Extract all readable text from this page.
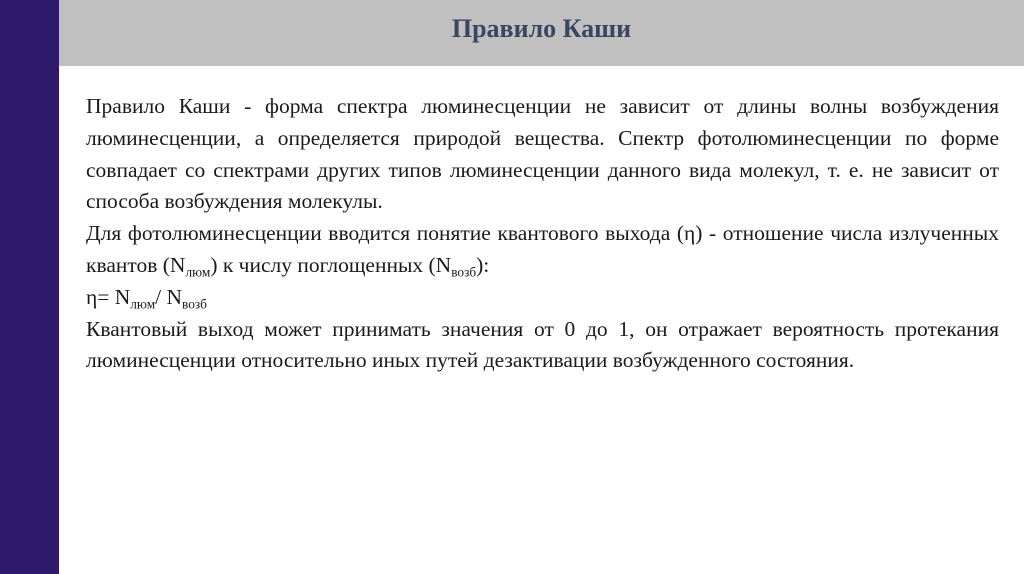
Правило Каши

Правило Каши - форма спектра люминесценции не зависит от длины волны возбуждения люминесценции, а определяется природой вещества. Спектр фотолюминесценции по форме совпадает со спектрами других типов люминесценции данного вида молекул, т. е. не зависит от способа возбуждения молекулы.

Для фотолюминесценции вводится понятие квантового выхода (η) - отношение числа излученных квантов $(N_{люм})$ к числу поглощенных $(N_{возб})$:

$\eta= N_{люм}/$ $N_{возб}$

Квантовый выход может принимать значения от 0 до 1, он отражает вероятность протекания люминесценции относительно иных путей дезактивации возбужденного состояния.
